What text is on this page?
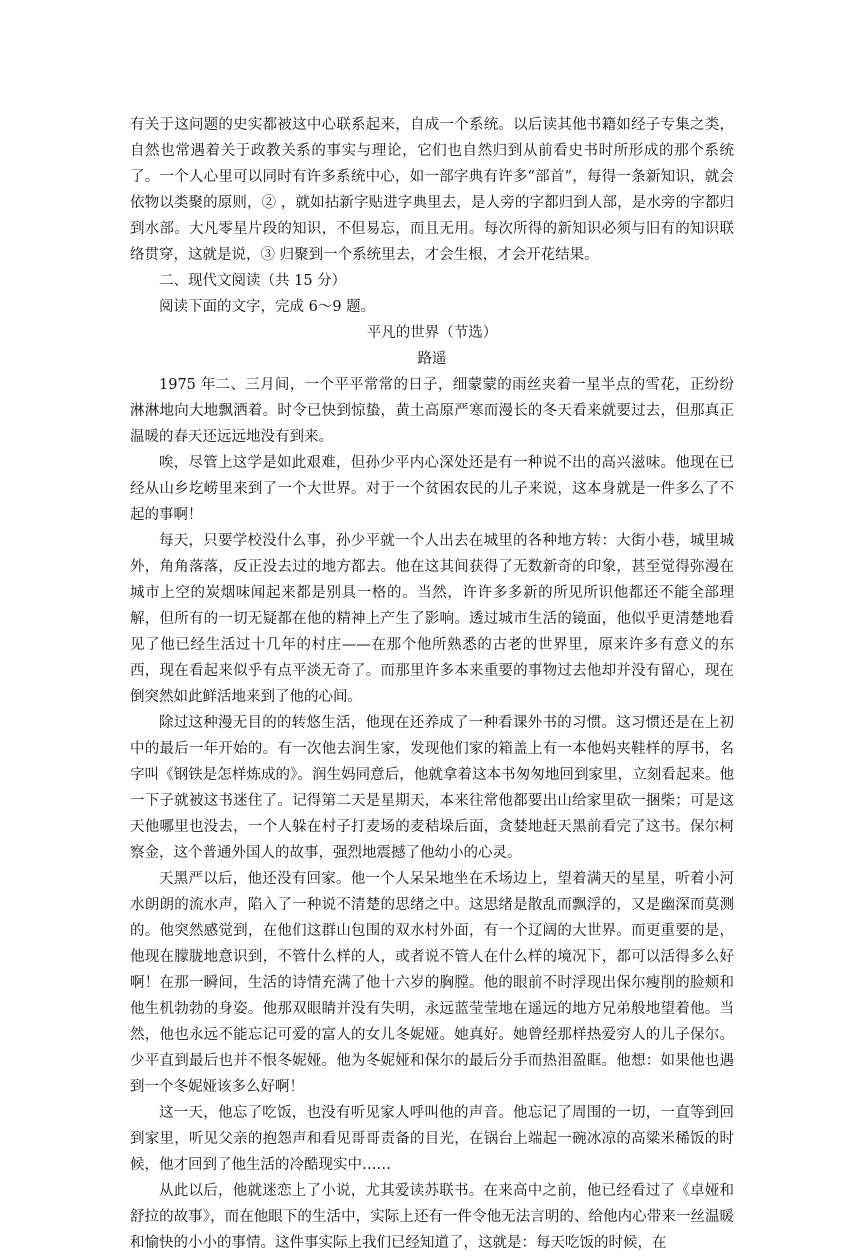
有关于这问题的史实都被这中心联系起来，自成一个系统。以后读其他书籍如经子专集之类，自然也常遇着关于政教关系的事实与理论，它们也自然归到从前看史书时所形成的那个系统了。一个人心里可以同时有许多系统中心，如一部字典有许多“部首”，每得一条新知识，就会依物以类聚的原则，② ，就如拈新字贴进字典里去，是人旁的字都归到人部，是水旁的字都归到水部。大凡零星片段的知识，不但易忘，而且无用。每次所得的新知识必须与旧有的知识联络贯穿，这就是说，③ 归聚到一个系统里去，才会生根，才会开花结果。

二、现代文阅读（共 15 分）

阅读下面的文字，完成 6～9 题。

平凡的世界（节选）

路遥

1975 年二、三月间，一个平平常常的日子，细蒙蒙的雨丝夹着一星半点的雪花，正纷纷淋淋地向大地飘洒着。时令已快到惊蛰，黄土高原严寒而漫长的冬天看来就要过去，但那真正温暖的春天还远远地没有到来。

唉，尽管上这学是如此艰难，但孙少平内心深处还是有一种说不出的高兴滋味。他现在已经从山乡圪崂里来到了一个大世界。对于一个贫困农民的儿子来说，这本身就是一件多么了不起的事啊！

每天，只要学校没什么事，孙少平就一个人出去在城里的各种地方转：大街小巷，城里城外，角角落落，反正没去过的地方都去。他在这其间获得了无数新奇的印象，甚至觉得弥漫在城市上空的炭烟味闻起来都是别具一格的。当然，许许多多新的所见所识他都还不能全部理解，但所有的一切无疑都在他的精神上产生了影响。透过城市生活的镜面，他似乎更清楚地看见了他已经生活过十几年的村庄——在那个他所熟悉的古老的世界里，原来许多有意义的东西，现在看起来似乎有点平淡无奇了。而那里许多本来重要的事物过去他却并没有留心，现在倒突然如此鲜活地来到了他的心间。

除过这种漫无目的的转悠生活，他现在还养成了一种看课外书的习惯。这习惯还是在上初中的最后一年开始的。有一次他去润生家，发现他们家的箱盖上有一本他妈夹鞋样的厚书，名字叫《钢铁是怎样炼成的》。润生妈同意后，他就拿着这本书匆匆地回到家里，立刻看起来。他一下子就被这书迷住了。记得第二天是星期天，本来往常他都要出山给家里砍一捆柴；可是这天他哪里也没去，一个人躲在村子打麦场的麦秸垛后面，贪婪地赶天黑前看完了这书。保尔柯察金，这个普通外国人的故事，强烈地震撼了他幼小的心灵。

天黑严以后，他还没有回家。他一个人呆呆地坐在禾场边上，望着满天的星星，听着小河水朗朗的流水声，陷入了一种说不清楚的思绪之中。这思绪是散乱而飘浮的，又是幽深而莫测的。他突然感觉到，在他们这群山包围的双水村外面，有一个辽阔的大世界。而更重要的是，他现在朦胧地意识到，不管什么样的人，或者说不管人在什么样的境况下，都可以活得多么好啊！在那一瞬间，生活的诗情充满了他十六岁的胸膛。他的眼前不时浮现出保尔瘦削的脸颊和他生机勃勃的身姿。他那双眼睛并没有失明，永远蓝莹莹地在遥远的地方兄弟般地望着他。当然，他也永远不能忘记可爱的富人的女儿冬妮娅。她真好。她曾经那样热爱穷人的儿子保尔。少平直到最后也并不恨冬妮娅。他为冬妮娅和保尔的最后分手而热泪盈眶。他想：如果他也遇到一个冬妮娅该多么好啊！

这一天，他忘了吃饭，也没有听见家人呼叫他的声音。他忘记了周围的一切，一直等到回到家里，听见父亲的抱怨声和看见哥哥责备的目光，在锅台上端起一碗冰凉的高粱米稀饭的时候，他才回到了他生活的冷酷现实中……

从此以后，他就迷恋上了小说，尤其爱读苏联书。在来高中之前，他已经看过了《卓娅和舒拉的故事》，而在他眼下的生活中，实际上还有一件令他无法言明的、给他内心带来一丝温暖和愉快的小小的事情。这件事实际上我们已经知道了，这就是：每天吃饭的时候，在
